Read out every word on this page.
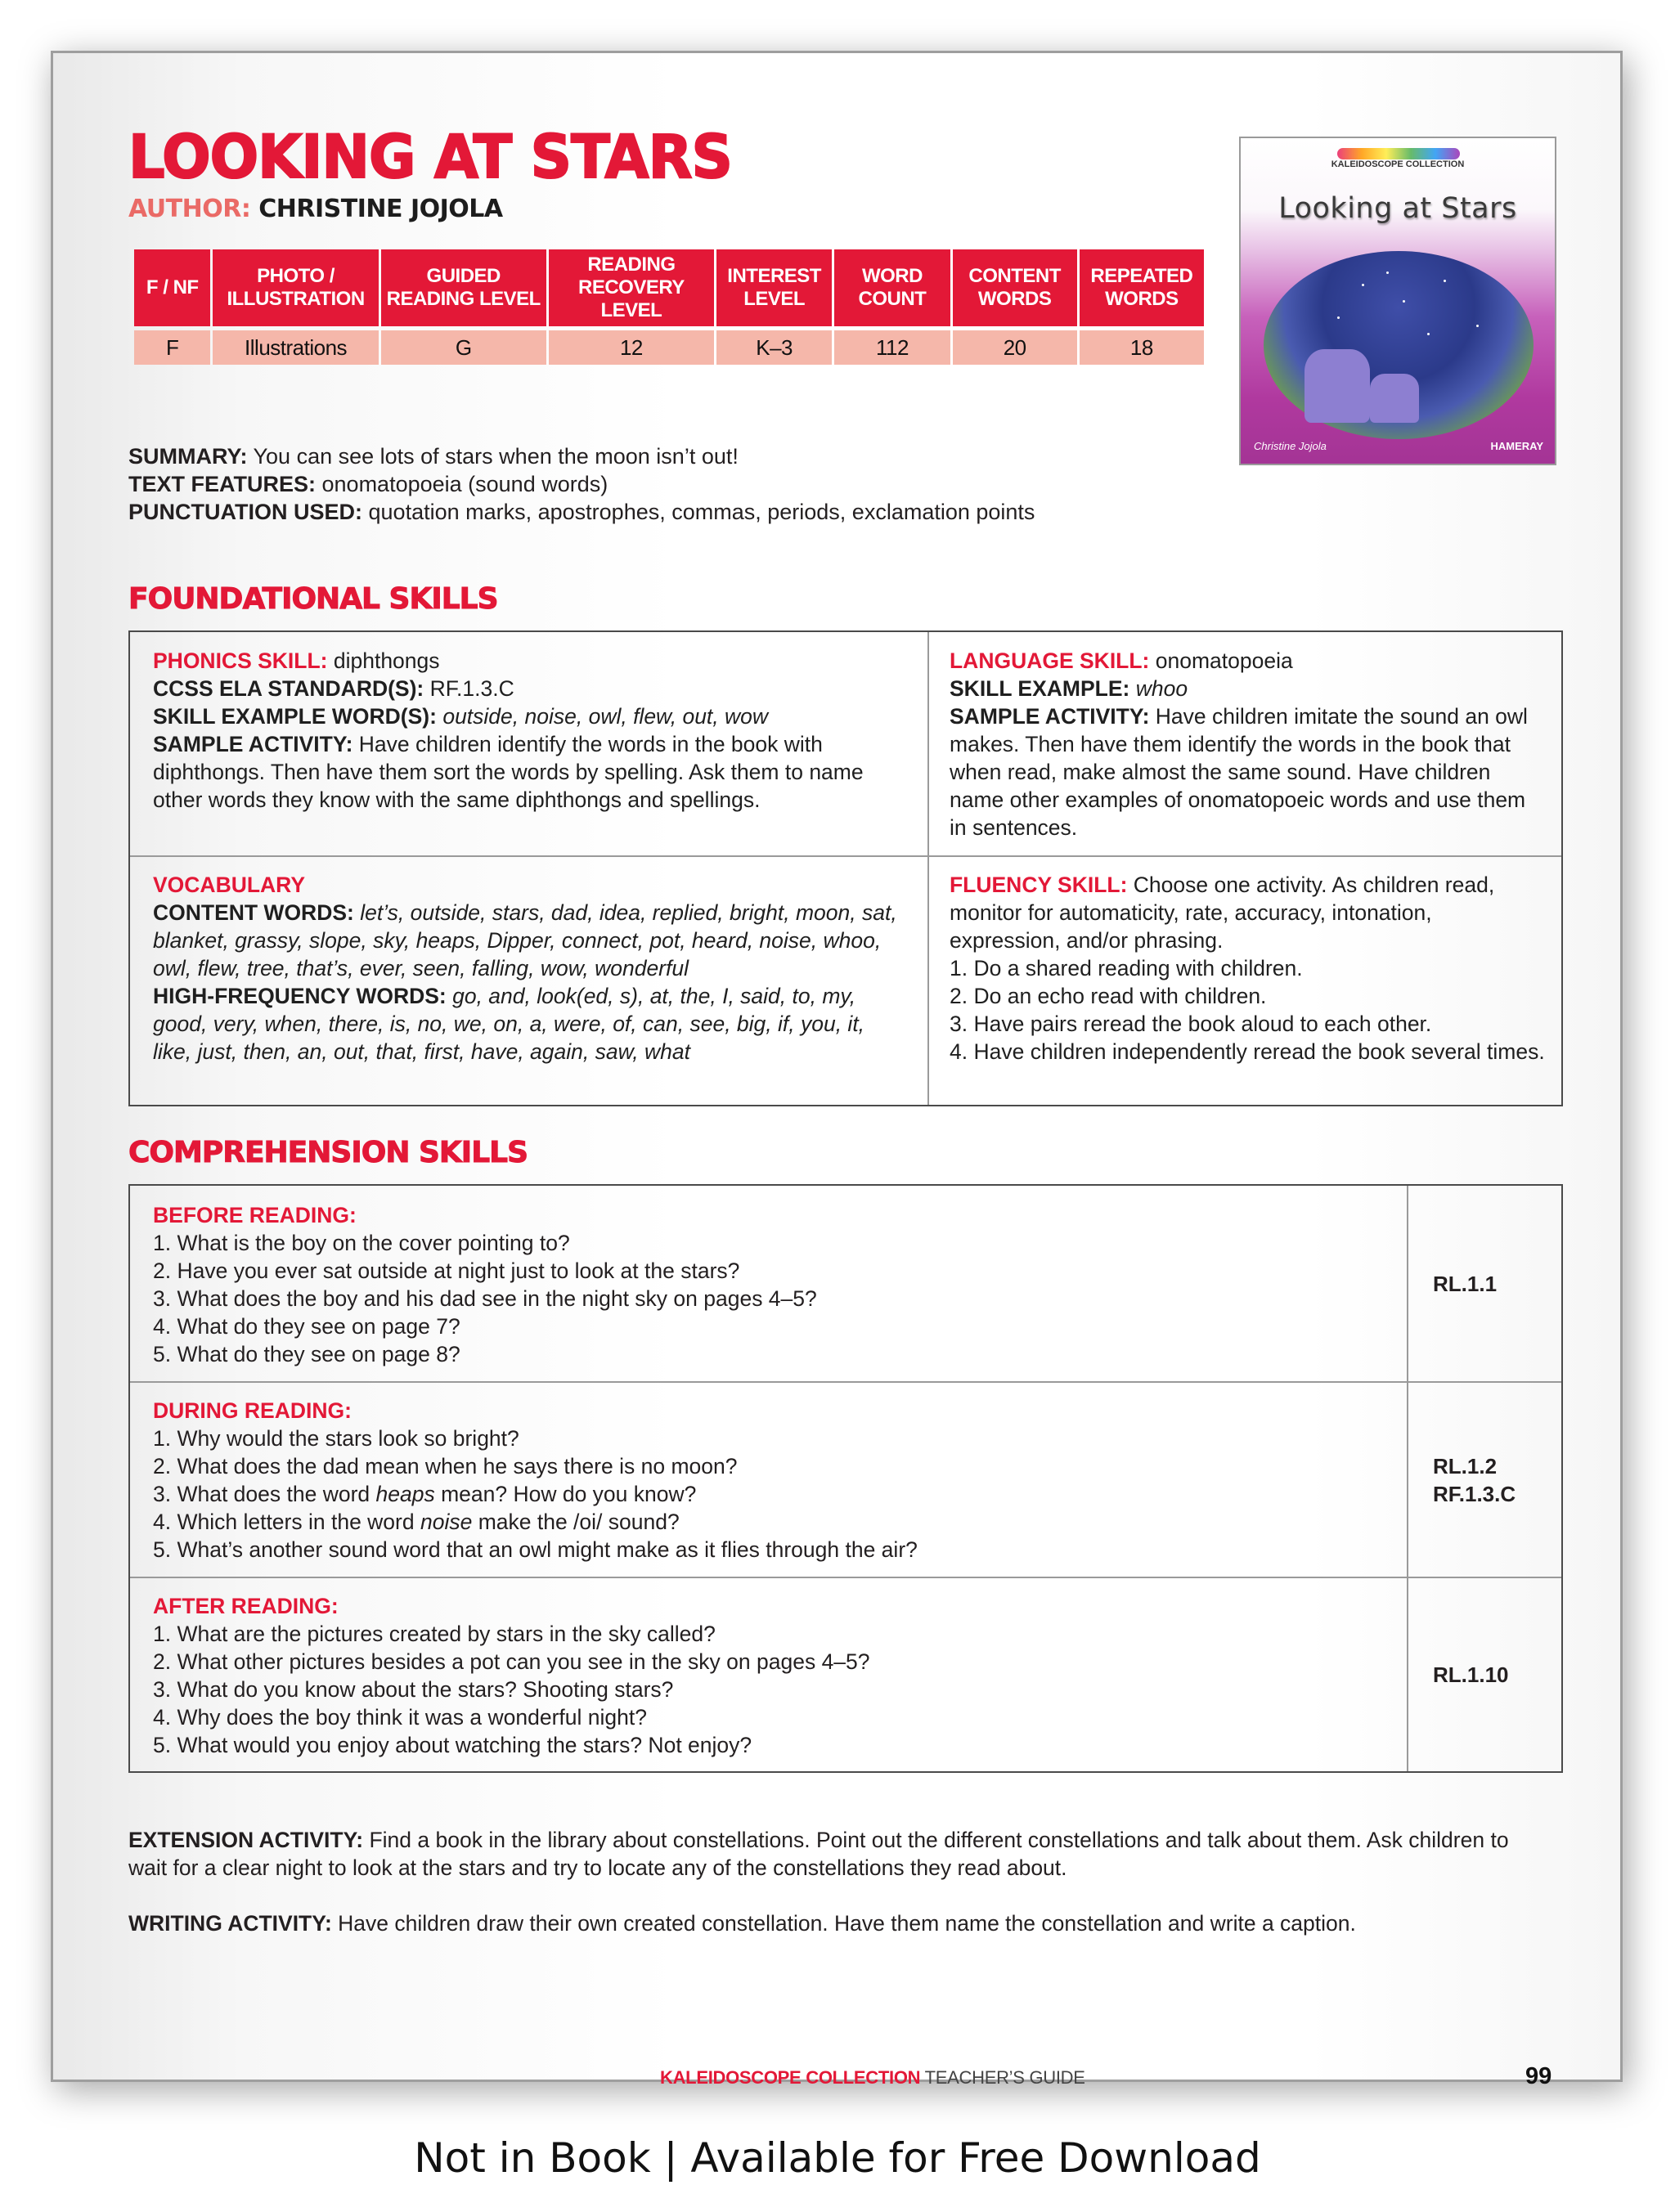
LOOKING AT STARS
AUTHOR: CHRISTINE JOJOLA
F / NF	PHOTO / ILLUSTRATION	GUIDED READING LEVEL	READING RECOVERY LEVEL	INTEREST LEVEL	WORD COUNT	CONTENT WORDS	REPEATED WORDS

F	Illustrations	G	12	K–3	112	20	18
KALEIDOSCOPE COLLECTION
Looking at Stars
Christine Jojola	HAMERAY
SUMMARY: You can see lots of stars when the moon isn’t out!
TEXT FEATURES: onomatopoeia (sound words)
PUNCTUATION USED: quotation marks, apostrophes, commas, periods, exclamation points
FOUNDATIONAL SKILLS
PHONICS SKILL: diphthongs
CCSS ELA STANDARD(S): RF.1.3.C
SKILL EXAMPLE WORD(S): outside, noise, owl, flew, out, wow
SAMPLE ACTIVITY: Have children identify the words in the book with diphthongs. Then have them sort the words by spelling. Ask them to name other words they know with the same diphthongs and spellings.
LANGUAGE SKILL: onomatopoeia
SKILL EXAMPLE: whoo
SAMPLE ACTIVITY: Have children imitate the sound an owl makes. Then have them identify the words in the book that when read, make almost the same sound. Have children name other examples of onomatopoeic words and use them in sentences.
VOCABULARY
CONTENT WORDS: let’s, outside, stars, dad, idea, replied, bright, moon, sat, blanket, grassy, slope, sky, heaps, Dipper, connect, pot, heard, noise, whoo, owl, flew, tree, that’s, ever, seen, falling, wow, wonderful
HIGH-FREQUENCY WORDS: go, and, look(ed, s), at, the, I, said, to, my, good, very, when, there, is, no, we, on, a, were, of, can, see, big, if, you, it, like, just, then, an, out, that, first, have, again, saw, what
FLUENCY SKILL: Choose one activity. As children read, monitor for automaticity, rate, accuracy, intonation, expression, and/or phrasing.
1. Do a shared reading with children.
2. Do an echo read with children.
3. Have pairs reread the book aloud to each other.
4. Have children independently reread the book several times.
COMPREHENSION SKILLS
BEFORE READING:
1. What is the boy on the cover pointing to?
2. Have you ever sat outside at night just to look at the stars?
3. What does the boy and his dad see in the night sky on pages 4–5?
4. What do they see on page 7?
5. What do they see on page 8?
RL.1.1
DURING READING:
1. Why would the stars look so bright?
2. What does the dad mean when he says there is no moon?
3. What does the word heaps mean? How do you know?
4. Which letters in the word noise make the /oi/ sound?
5. What’s another sound word that an owl might make as it flies through the air?
RL.1.2
RF.1.3.C
AFTER READING:
1. What are the pictures created by stars in the sky called?
2. What other pictures besides a pot can you see in the sky on pages 4–5?
3. What do you know about the stars? Shooting stars?
4. Why does the boy think it was a wonderful night?
5. What would you enjoy about watching the stars? Not enjoy?
RL.1.10
EXTENSION ACTIVITY: Find a book in the library about constellations. Point out the different constellations and talk about them. Ask children to wait for a clear night to look at the stars and try to locate any of the constellations they read about.
WRITING ACTIVITY: Have children draw their own created constellation. Have them name the constellation and write a caption.
KALEIDOSCOPE COLLECTION TEACHER’S GUIDE	99
Not in Book | Available for Free Download
